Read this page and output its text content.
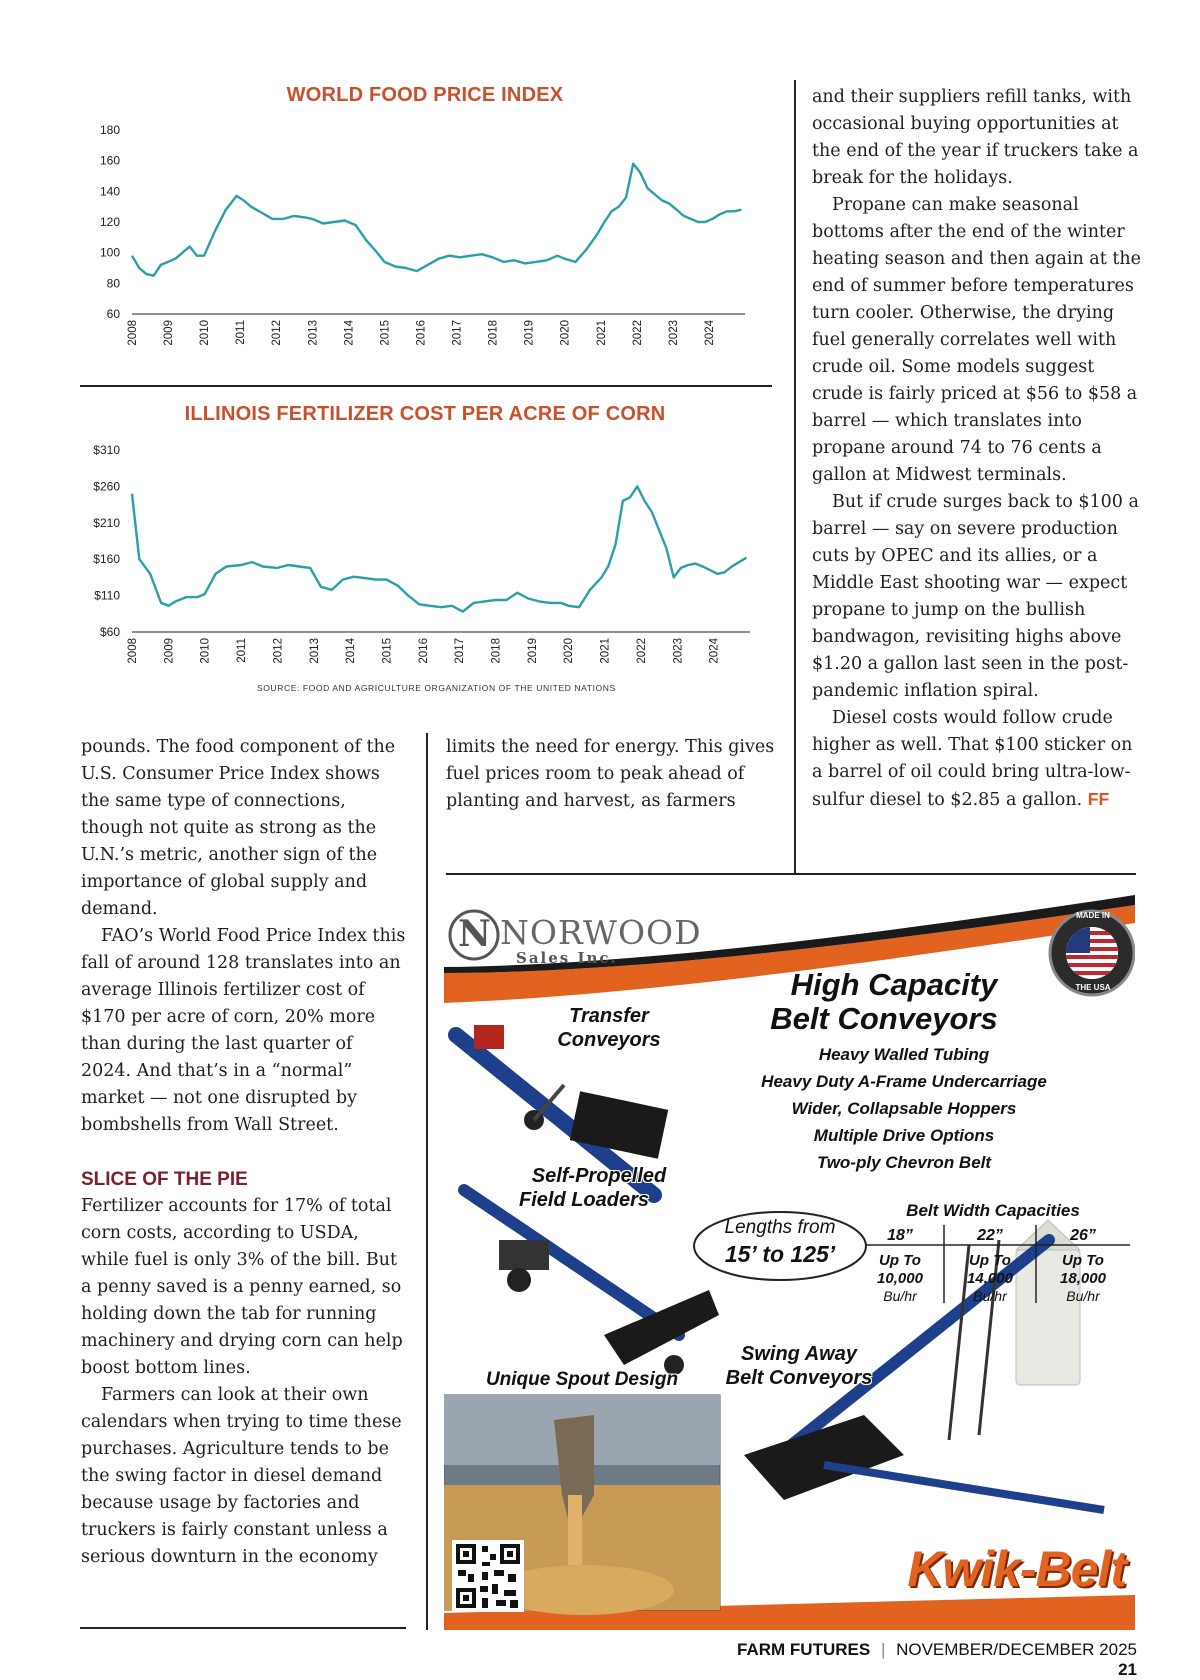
WORLD FOOD PRICE INDEX
180
160
140
120
100
80
60
2008 2009 2010 2011 2012 2013 2014 2015 2016 2017 2018 2019 2020 2021 2022 2023 2024
ILLINOIS FERTILIZER COST PER ACRE OF CORN
$310
$260
$210
$160
$110
$60
2008 2009 2010 2011 2012 2013 2014 2015 2016 2017 2018 2019 2020 2021 2022 2023 2024
SOURCE: FOOD AND AGRICULTURE ORGANIZATION OF THE UNITED NATIONS

pounds. The food component of the U.S. Consumer Price Index shows the same type of connections, though not quite as strong as the U.N.’s metric, another sign of the importance of global supply and demand.

FAO’s World Food Price Index this fall of around 128 translates into an average Illinois fertilizer cost of $170 per acre of corn, 20% more than during the last quarter of 2024. And that’s in a “normal” market — not one disrupted by bombshells from Wall Street.

SLICE OF THE PIE

Fertilizer accounts for 17% of total corn costs, according to USDA, while fuel is only 3% of the bill. But a penny saved is a penny earned, so holding down the tab for running machinery and drying corn can help boost bottom lines.

Farmers can look at their own calendars when trying to time these purchases. Agriculture tends to be the swing factor in diesel demand because usage by factories and truckers is fairly constant unless a serious downturn in the economy

limits the need for energy. This gives fuel prices room to peak ahead of planting and harvest, as farmers

and their suppliers refill tanks, with occasional buying opportunities at the end of the year if truckers take a break for the holidays.

Propane can make seasonal bottoms after the end of the winter heating season and then again at the end of summer before temperatures turn cooler. Otherwise, the drying fuel generally correlates well with crude oil. Some models suggest crude is fairly priced at $56 to $58 a barrel — which translates into propane around 74 to 76 cents a gallon at Midwest terminals.

But if crude surges back to $100 a barrel — say on severe production cuts by OPEC and its allies, or a Middle East shooting war — expect propane to jump on the bullish bandwagon, revisiting highs above $1.20 a gallon last seen in the post-pandemic inflation spiral.

Diesel costs would follow crude higher as well. That $100 sticker on a barrel of oil could bring ultra-low-sulfur diesel to $2.85 a gallon. FF

N NORWOOD
Sales Inc.
MADE IN
THE USA
High Capacity
Belt Conveyors
Heavy Walled Tubing
Heavy Duty A-Frame Undercarriage
Wider, Collapsable Hoppers
Multiple Drive Options
Two-ply Chevron Belt
Transfer
Conveyors
Self-Propelled
Field Loaders
Lengths from
15’ to 125’
Belt Width Capacities
18”
Up To
10,000
Bu/hr
22”
Up To
14,000
Bu/hr
26”
Up To
18,000
Bu/hr
Unique Spout Design
Swing Away
Belt Conveyors
Kwik-Belt
FARM FUTURES | NOVEMBER/DECEMBER 2025 21
